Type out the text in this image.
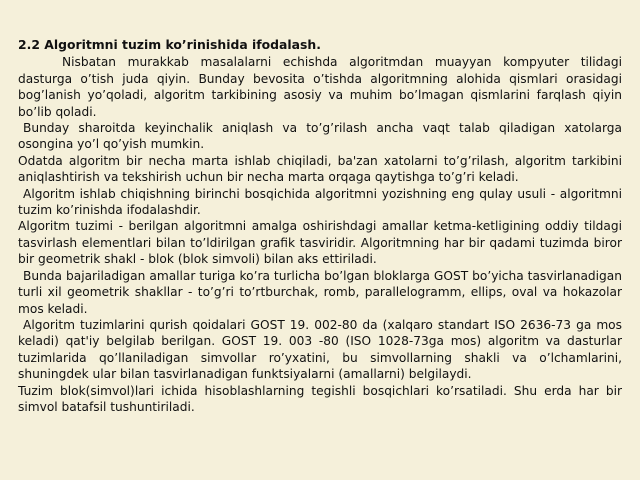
2.2 Algoritmni tuzim ko’rinishida ifodalash.

Nisbatan murakkab masalalarni echishda algoritmdan muayyan kompyuter tilidagi dasturga o’tish juda qiyin. Bunday bevosita o’tishda algoritmning alohida qismlari orasidagi bog’lanish yo’qoladi, algoritm tarkibining asosiy va muhim bo’lmagan qismlarini farqlash qiyin bo’lib qoladi.

Bunday sharoitda keyinchalik aniqlash va to’g’rilash ancha vaqt talab qiladigan xatolarga osongina yo’l qo’yish mumkin.

Odatda algoritm bir necha marta ishlab chiqiladi, ba'zan xatolarni to’g’rilash, algoritm tarkibini aniqlashtirish va tekshirish uchun bir necha marta orqaga qaytishga to’g’ri keladi.

Algoritm ishlab chiqishning birinchi bosqichida algoritmni yozishning eng qulay usuli - algoritmni tuzim ko’rinishda ifodalashdir.

Algoritm tuzimi - berilgan algoritmni amalga oshirishdagi amallar ketma-ketligining oddiy tildagi tasvirlash elementlari bilan to’ldirilgan grafik tasviridir. Algoritmning har bir qadami tuzimda biror bir geometrik shakl - blok (blok simvoli) bilan aks ettiriladi.

Bunda bajariladigan amallar turiga ko’ra turlicha bo’lgan bloklarga GOST bo’yicha tasvirlanadigan turli xil geometrik shakllar - to’g’ri to’rtburchak, romb, parallelogramm, ellips, oval va hokazolar mos keladi.

Algoritm tuzimlarini qurish qoidalari GOST 19. 002-80 da (xalqaro standart ISO 2636-73 ga mos keladi) qat'iy belgilab berilgan. GOST 19. 003 -80 (ISO 1028-73ga mos) algoritm va dasturlar tuzimlarida qo’llaniladigan simvollar ro’yxatini, bu simvollarning shakli va o’lchamlarini, shuningdek ular bilan tasvirlanadigan funktsiyalarni (amallarni) belgilaydi.

Tuzim blok(simvol)lari ichida hisoblashlarning tegishli bosqichlari ko’rsatiladi. Shu erda har bir simvol batafsil tushuntiriladi.
